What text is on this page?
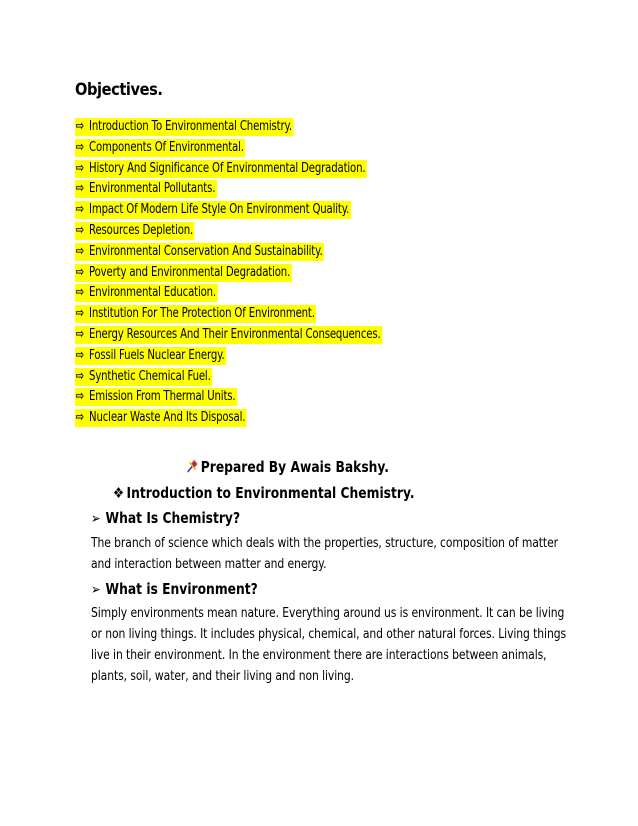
Objectives.
⇨ Introduction To Environmental Chemistry.
⇨ Components Of Environmental.
⇨ History And Significance Of Environmental Degradation.
⇨ Environmental Pollutants.
⇨ Impact Of Modern Life Style On Environment Quality.
⇨ Resources Depletion.
⇨ Environmental Conservation And Sustainability.
⇨ Poverty and Environmental Degradation.
⇨ Environmental Education.
⇨ Institution For The Protection Of Environment.
⇨ Energy Resources And Their Environmental Consequences.
⇨ Fossil Fuels Nuclear Energy.
⇨ Synthetic Chemical Fuel.
⇨ Emission From Thermal Units.
⇨ Nuclear Waste And Its Disposal.
Prepared By Awais Bakshy.
❖ Introduction to Environmental Chemistry.
➢ What Is Chemistry?
The branch of science which deals with the properties, structure, composition of matter
and interaction between matter and energy.
➢ What is Environment?
Simply environments mean nature. Everything around us is environment. It can be living
or non living things. It includes physical, chemical, and other natural forces. Living things
live in their environment. In the environment there are interactions between animals,
plants, soil, water, and their living and non living.
